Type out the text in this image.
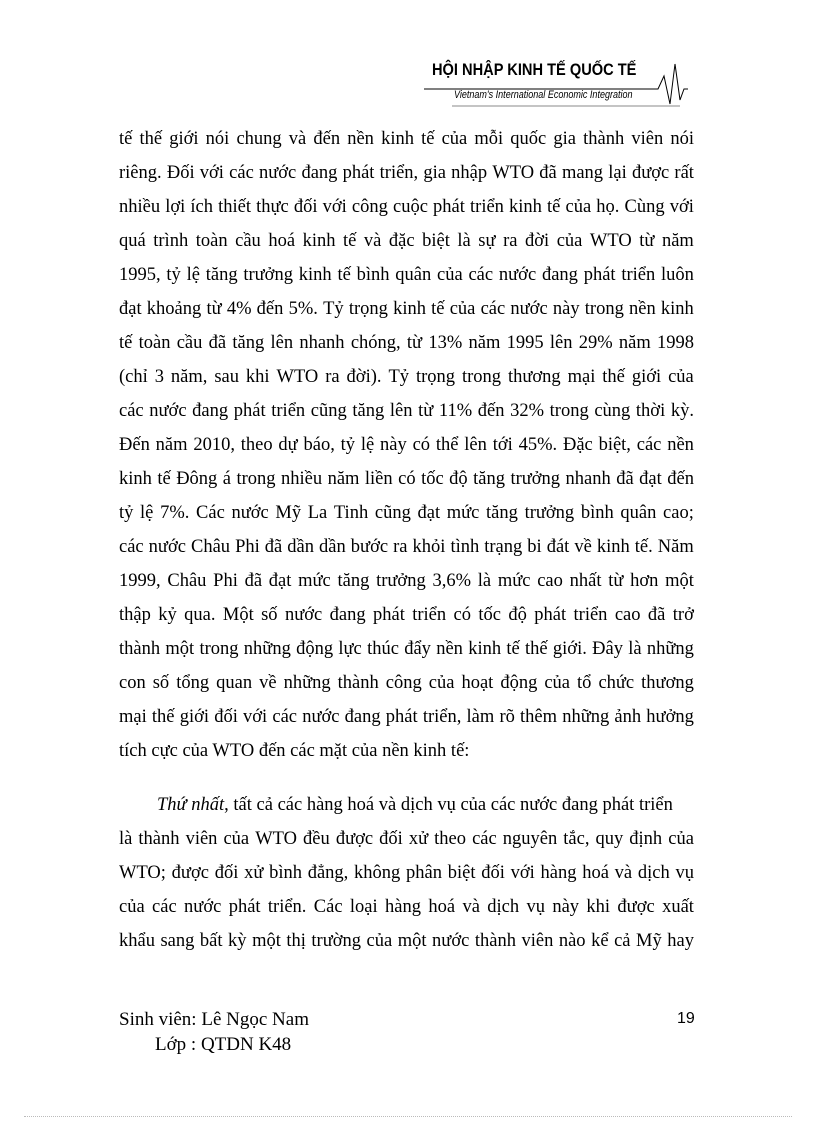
HỘI NHẬP KINH TẾ QUỐC TẾ
Vietnam's International Economic Integration
tế thế giới nói chung và đến nền kinh tế của mỗi quốc gia thành viên nói
riêng. Đối với các nước đang phát triển, gia nhập WTO đã mang lại được rất
nhiều lợi ích thiết thực đối với công cuộc phát triển kinh tế của họ. Cùng với
quá trình toàn cầu hoá kinh tế và đặc biệt là sự ra đời của WTO từ năm
1995, tỷ lệ tăng trưởng kinh tế bình quân của các nước đang phát triển luôn
đạt khoảng từ 4% đến 5%. Tỷ trọng kinh tế của các nước này trong nền kinh
tế toàn cầu đã tăng lên nhanh chóng, từ 13% năm 1995 lên 29% năm 1998
(chỉ 3 năm, sau khi WTO ra đời). Tỷ trọng trong thương mại thế giới của
các nước đang phát triển cũng tăng lên từ 11% đến 32% trong cùng thời kỳ.
Đến năm 2010, theo dự báo, tỷ lệ này có thể lên tới 45%. Đặc biệt, các nền
kinh tế Đông á trong nhiều năm liền có tốc độ tăng trưởng nhanh đã đạt đến
tỷ lệ 7%. Các nước Mỹ La Tinh cũng đạt mức tăng trưởng bình quân cao;
các nước Châu Phi đã dần dần bước ra khỏi tình trạng bi đát về kinh tế. Năm
1999, Châu Phi đã đạt mức tăng trưởng 3,6% là mức cao nhất từ hơn một
thập kỷ qua. Một số nước đang phát triển có tốc độ phát triển cao đã trở
thành một trong những động lực thúc đẩy nền kinh tế thế giới. Đây là những
con số tổng quan về những thành công của hoạt động của tổ chức thương
mại thế giới đối với các nước đang phát triển, làm rõ thêm những ảnh hưởng
tích cực của WTO đến các mặt của nền kinh tế:
Thứ nhất, tất cả các hàng hoá và dịch vụ của các nước đang phát triển
là thành viên của WTO đều được đối xử theo các nguyên tắc, quy định của
WTO; được đối xử bình đẳng, không phân biệt đối với hàng hoá và dịch vụ
của các nước phát triển. Các loại hàng hoá và dịch vụ này khi được xuất
khẩu sang bất kỳ một thị trường của một nước thành viên nào kể cả Mỹ hay
Sinh viên: Lê Ngọc Nam
Lớp : QTDN K48
19
